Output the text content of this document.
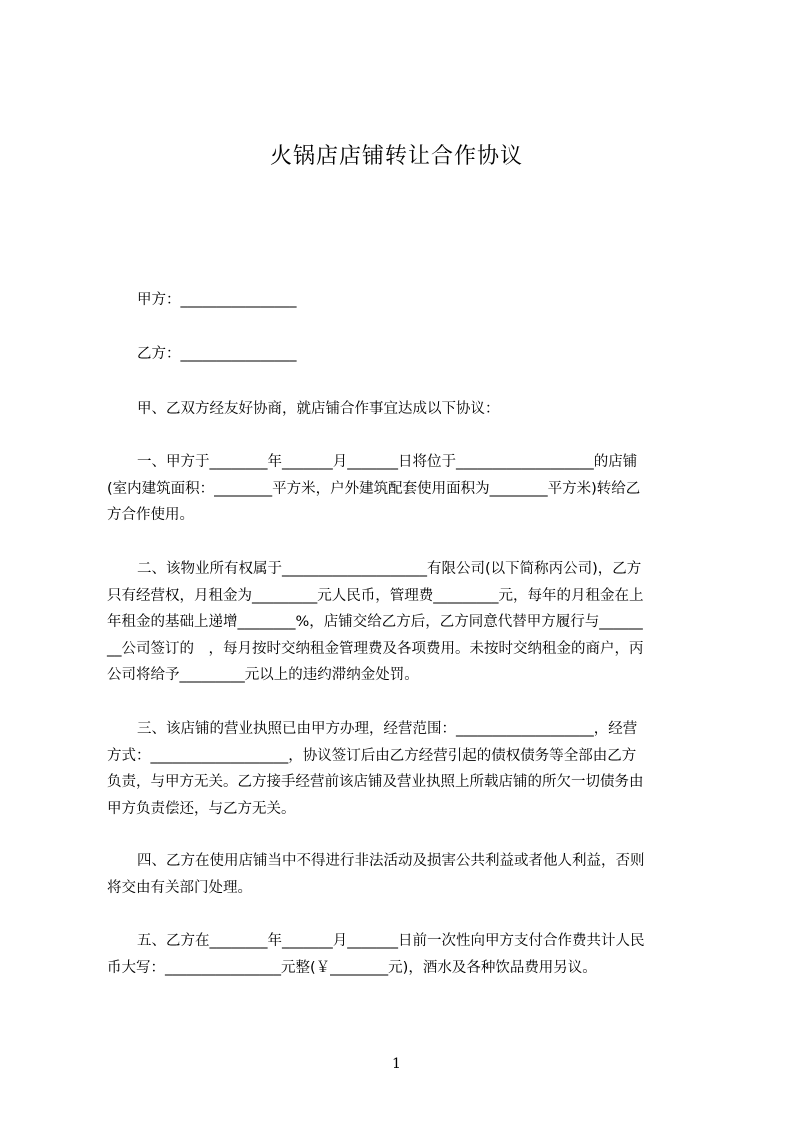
火锅店店铺转让合作协议
甲方：________________
乙方：________________
甲、乙双方经友好协商，就店铺合作事宜达成以下协议：
一、甲方于________年_______月_______日将位于___________________的店铺
(室内建筑面积：________平方米，户外建筑配套使用面积为________平方米)转给乙
方合作使用。
二、该物业所有权属于____________________有限公司(以下简称丙公司)，乙方
只有经营权，月租金为_________元人民币，管理费_________元，每年的月租金在上
年租金的基础上递增________%，店铺交给乙方后，乙方同意代替甲方履行与______
__公司签订的　，每月按时交纳租金管理费及各项费用。未按时交纳租金的商户，丙
公司将给予_________元以上的违约滞纳金处罚。
三、该店铺的营业执照已由甲方办理，经营范围：___________________，经营
方式：___________________，协议签订后由乙方经营引起的债权债务等全部由乙方
负责，与甲方无关。乙方接手经营前该店铺及营业执照上所载店铺的所欠一切债务由
甲方负责偿还，与乙方无关。
四、乙方在使用店铺当中不得进行非法活动及损害公共利益或者他人利益，否则
将交由有关部门处理。
五、乙方在________年_______月_______日前一次性向甲方支付合作费共计人民
币大写：________________元整(￥________元)，酒水及各种饮品费用另议。
1
